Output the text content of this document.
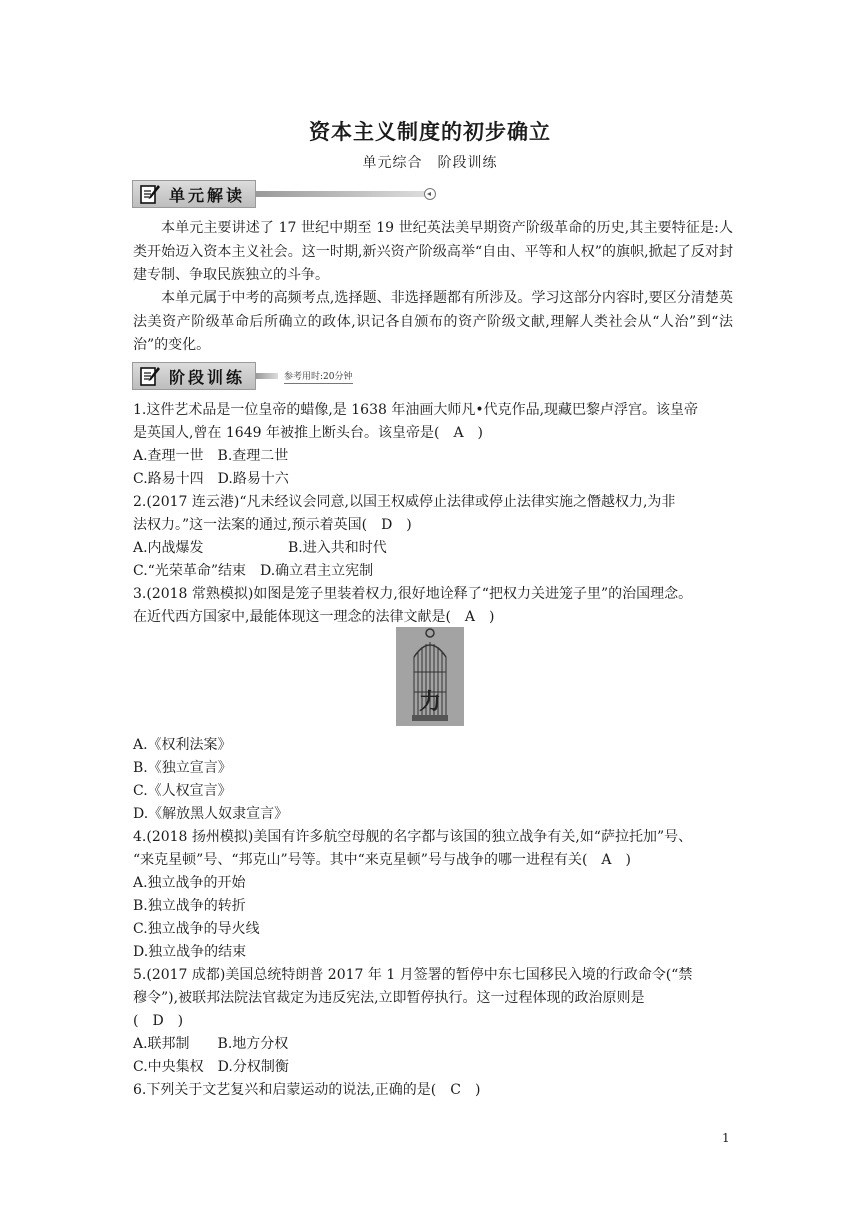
资本主义制度的初步确立
单元综合　阶段训练
单元解读

本单元主要讲述了 17 世纪中期至 19 世纪英法美早期资产阶级革命的历史,其主要特征是:人类开始迈入资本主义社会。这一时期,新兴资产阶级高举“自由、平等和人权”的旗帜,掀起了反对封建专制、争取民族独立的斗争。

本单元属于中考的高频考点,选择题、非选择题都有所涉及。学习这部分内容时,要区分清楚英法美资产阶级革命后所确立的政体,识记各自颁布的资产阶级文献,理解人类社会从“人治”到“法治”的变化。

阶段训练	参考用时:20分钟
1.这件艺术品是一位皇帝的蜡像,是 1638 年油画大师凡•代克作品,现藏巴黎卢浮宫。该皇帝
是英国人,曾在 1649 年被推上断头台。该皇帝是(　A　)
A.查理一世　B.查理二世
C.路易十四　D.路易十六
2.(2017 连云港)“凡未经议会同意,以国王权威停止法律或停止法律实施之僭越权力,为非
法权力。”这一法案的通过,预示着英国(　D　)
A.内战爆发	B.进入共和时代
C.“光荣革命”结束　D.确立君主立宪制
3.(2018 常熟模拟)如图是笼子里装着权力,很好地诠释了“把权力关进笼子里”的治国理念。
在近代西方国家中,最能体现这一理念的法律文献是(　A　)
力
A.《权利法案》
B.《独立宣言》
C.《人权宣言》
D.《解放黑人奴隶宣言》
4.(2018 扬州模拟)美国有许多航空母舰的名字都与该国的独立战争有关,如“萨拉托加”号、
“来克星顿”号、“邦克山”号等。其中“来克星顿”号与战争的哪一进程有关(　A　)
A.独立战争的开始
B.独立战争的转折
C.独立战争的导火线
D.独立战争的结束
5.(2017 成都)美国总统特朗普 2017 年 1 月签署的暂停中东七国移民入境的行政命令(“禁
穆令”),被联邦法院法官裁定为违反宪法,立即暂停执行。这一过程体现的政治原则是
(　D　)
A.联邦制　　B.地方分权
C.中央集权　D.分权制衡
6.下列关于文艺复兴和启蒙运动的说法,正确的是(　C　)
1
